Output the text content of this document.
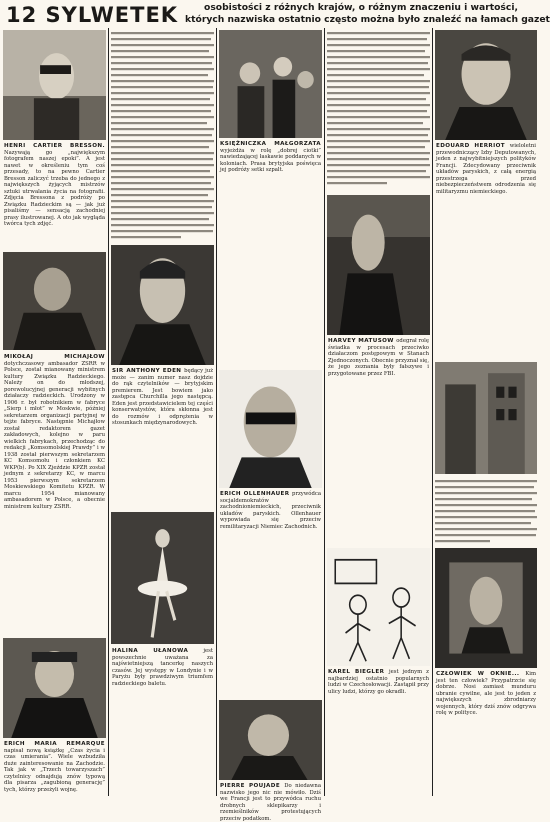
12 SYLWETEK	osobistości z różnych krajów, o różnym znaczeniu i wartości,
których nazwiska ostatnio często można było znaleźć na łamach gazet
HENRI CARTIER BRESSON. Nazywają go „największym fotografem naszej epoki”. A jest nawet w określeniu tym coś przesady, to na pewno Cartier Bresson zaliczyć trzeba do jednego z największych żyjących mistrzów sztuki utrwalania życia na fotografii. Zdjęcia Bressona z podróży po Związku Radzieckim są — jak już pisaliśmy — sensacją zachodniej prasy ilustrowanej. A oto jak wygląda twórca tych zdjęć.
MIKOŁAJ MICHAJŁOW dotychczasowy ambasador ZSRR w Polsce, został mianowany ministrem kultury Związku Radzieckiego. Należy on do młodszej, porewolucyjnej generacji wybitnych działaczy radzieckich. Urodzony w 1906 r. był robotnikiem w fabryce „Sierp i młot” w Moskwie, później sekretarzem organizacji partyjnej w tejże fabryce. Następnie Michajłow został redaktorem gazet zakładowych, kolejno w paru wielkich fabrykach, przechodząc do redakcji „Komsomolskiej Prawdy” i w 1938 został pierwszym sekretarzem KC Komsomołu i członkiem KC WKP(b). Po XIX Zjeździe KPZR został jednym z sekretarzy KC, w marcu 1953 pierwszym sekretarzem Moskiewskiego Komitetu KPZR. W marcu 1954 mianowany ambasadorem w Polsce, a obecnie ministrem kultury ZSRR.
ERICH MARIA REMARQUE napisał nową książkę „Czas życia i czas umierania”. Wiele wzbudziła duże zainteresowanie na Zachodzie. Tak jak w „Trzech towarzyszach” czytelnicy odnajdują znów typową dla pisarza „zagubioną generację” tych, którzy przeżyli wojnę.
SIR ANTHONY EDEN będący już może — zanim numer nasz dojdzie do rąk czytelników — brytyjskim premierem. Jest bowiem jako zastępca Churchilla jego następcą. Eden jest przedstawicielem tej części konserwatystów, która skłonna jest do rozmów i odprężenia w stosunkach międzynarodowych.
HALINA UŁANOWA jest powszechnie uważana za najświetniejszą tancerkę naszych czasów. Jej występy w Londynie i w Paryżu były prawdziwym triumfem radzieckiego baletu.
KSIĘŻNICZKA MAŁGORZATA wyjeżdża w rolę „dobrej ciotki” nawiedzającej łaskawie poddanych w koloniach. Prasa brytyjska poświęca jej podróży setki szpalt.
ERICH OLLENHAUER przywódca socjaldemokratów zachodnioniemieckich, przeciwnik układów paryskich. Ollenhauer wypowiada się przeciw remilitaryzacji Niemiec Zachodnich.
PIERRE POUJADE Do niedawna nazwisko jego nic nie mówiło. Dziś we Francji jest to przywódca ruchu drobnych sklepikarzy i rzemieślników protestujących przeciw podatkom.
HARVEY MATUSOW odegrał rolę świadka w procesach przeciwko działaczom postępowym w Stanach Zjednoczonych. Obecnie przyznał się, że jego zeznania były fałszywe i przygotowane przez FBI.
KAREL BIEGLER jest jednym z najbardziej ostatnio popularnych ludzi w Czechosłowacji. Zastąpił przy ulicy ludzi, którzy go okradli.
EDOUARD HERRIOT wieloletni przewodniczący Izby Deputowanych, jeden z najwybitniejszych polityków Francji. Zdecydowany przeciwnik układów paryskich, z całą energią przestrzega przed niebezpieczeństwem odrodzenia się militaryzmu niemieckiego.
CZŁOWIEK W OKNIE... Kim jest ten człowiek? Przypatrzcie się dobrze. Nosi zamiast munduru ubranie cywilne, ale jest to jeden z największych zbrodniarzy wojennych, który dziś znów odgrywa rolę w polityce.
